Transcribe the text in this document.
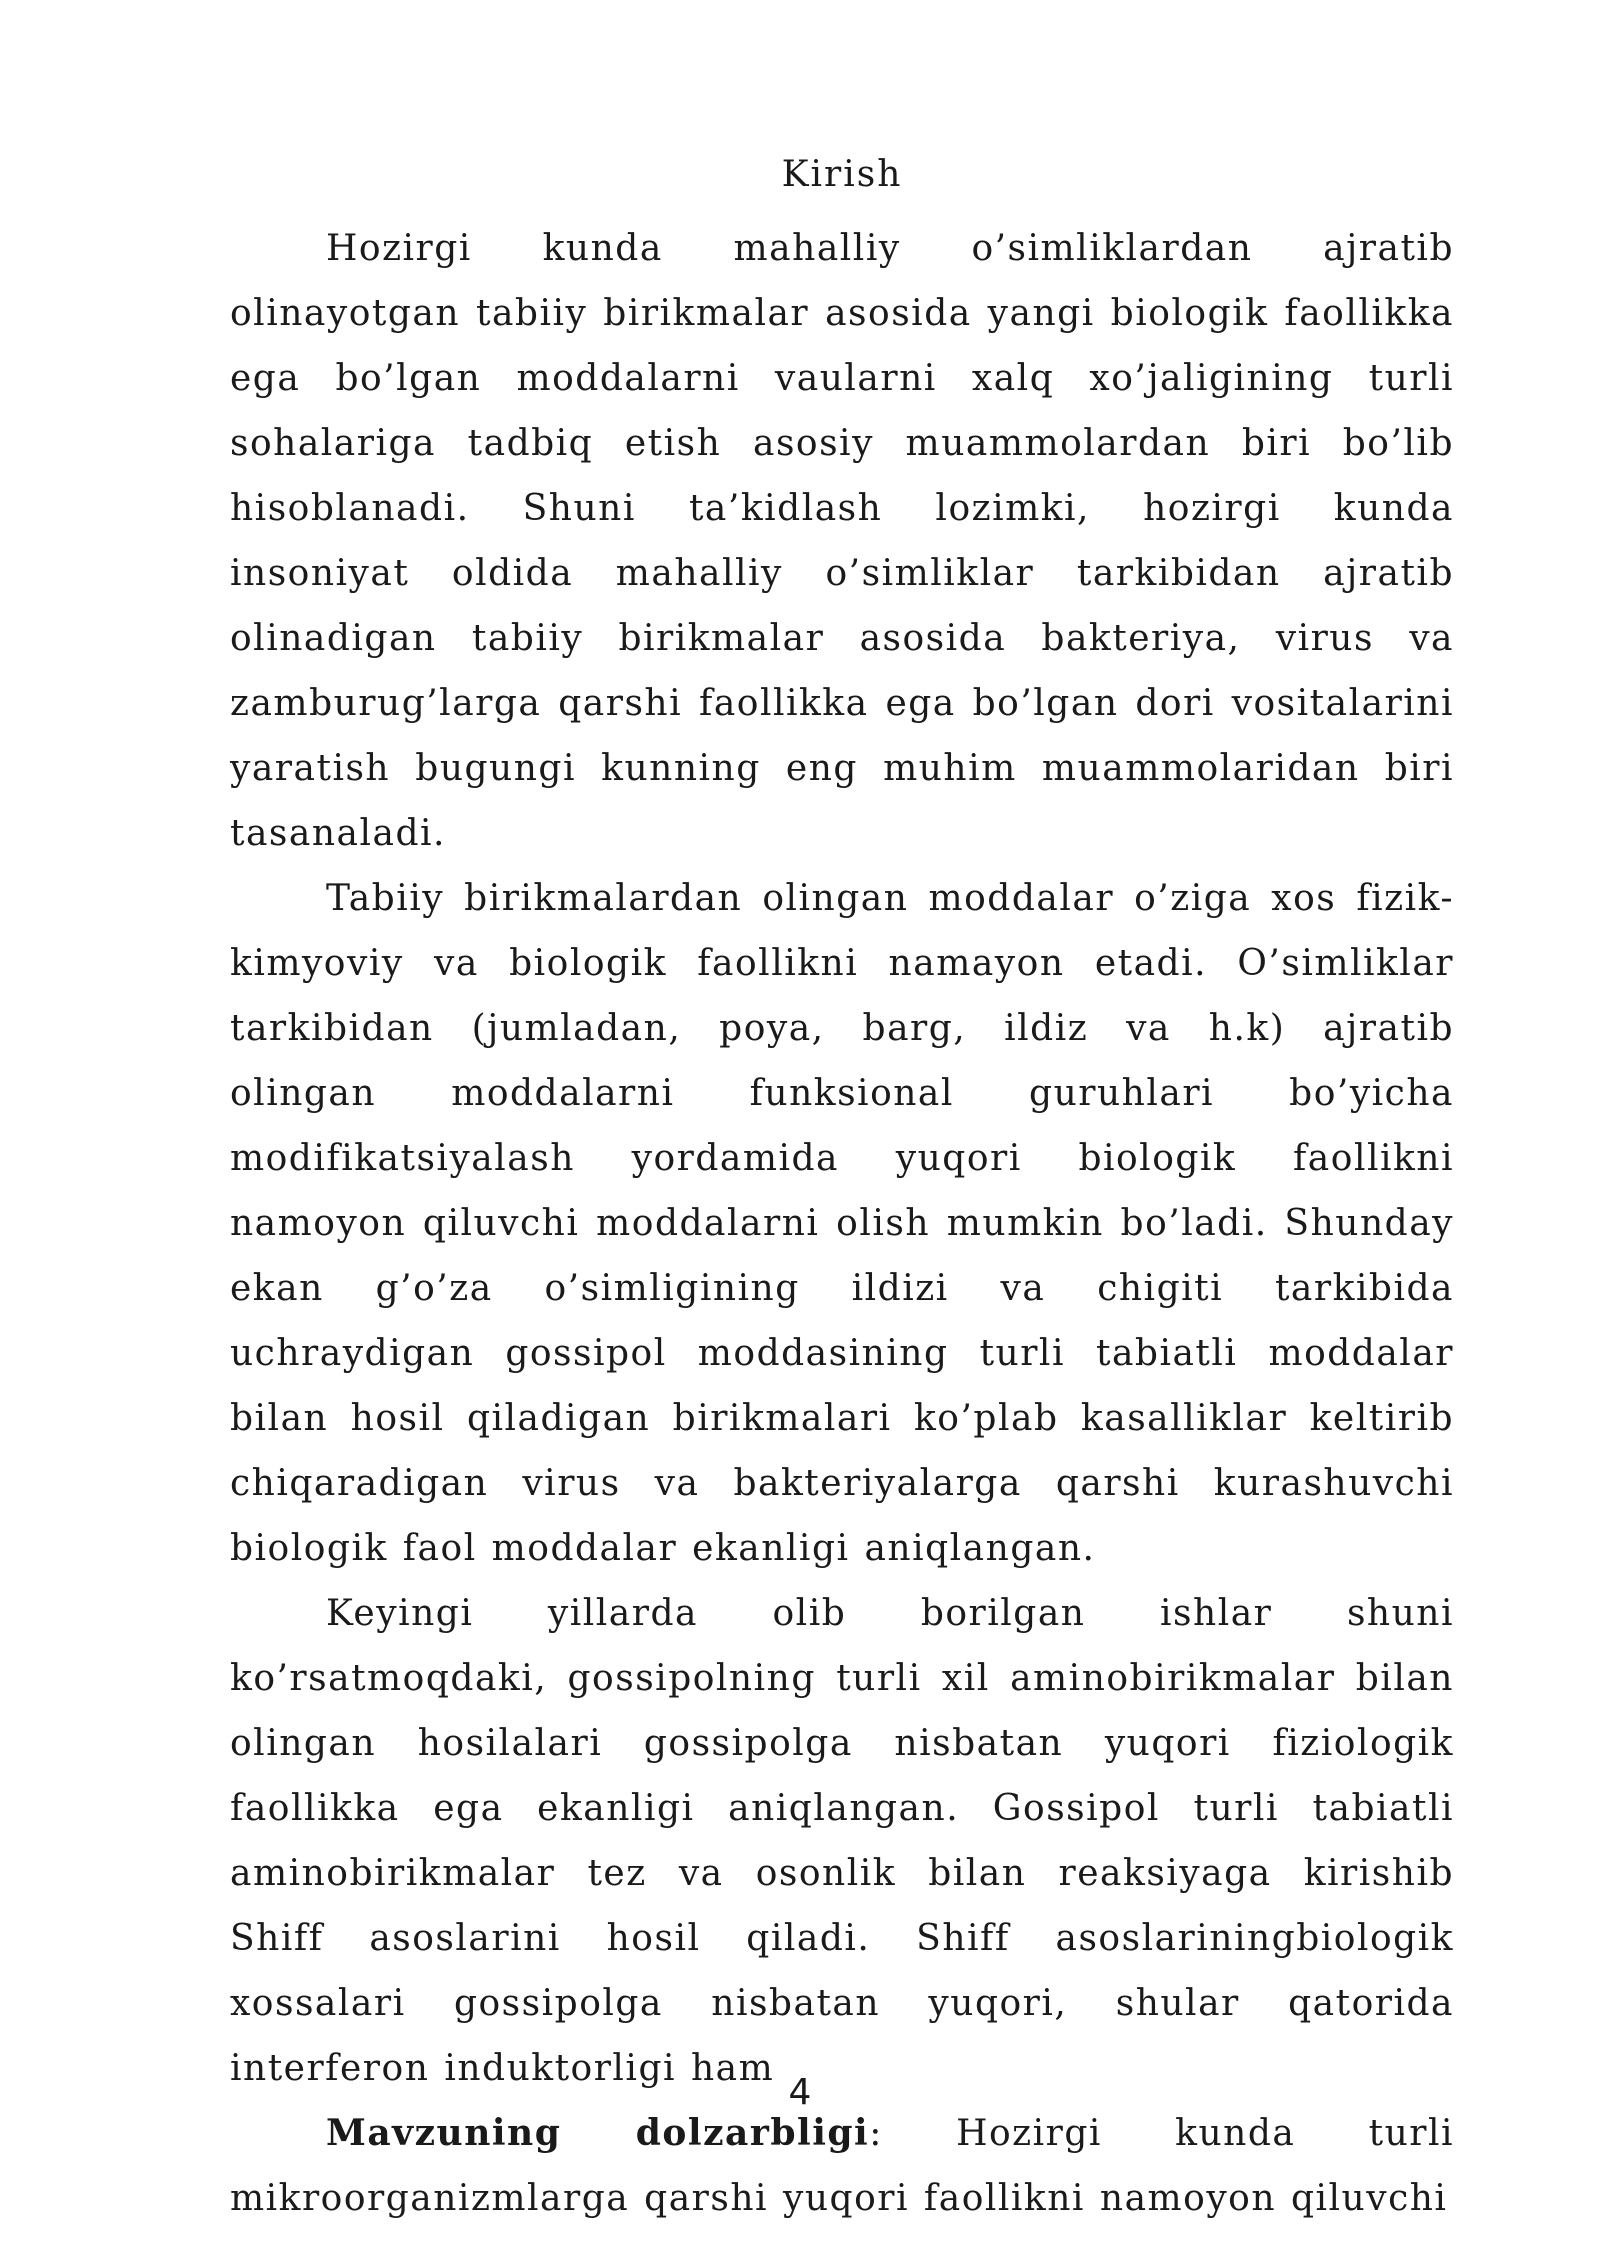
Kirish

Hozirgi kunda mahalliy o’simliklardan ajratib olinayotgan tabiiy birikmalar asosida yangi biologik faollikka ega bo’lgan moddalarni vaularni xalq xo’jaligining turli sohalariga tadbiq etish asosiy muammolardan biri bo’lib hisoblanadi. Shuni ta’kidlash lozimki, hozirgi kunda insoniyat oldida mahalliy o’simliklar tarkibidan ajratib olinadigan tabiiy birikmalar asosida bakteriya, virus va zamburug’larga qarshi faollikka ega bo’lgan dori vositalarini yaratish bugungi kunning eng muhim muammolaridan biri tasanaladi.

Tabiiy birikmalardan olingan moddalar o’ziga xos fizik-kimyoviy va biologik faollikni namayon etadi. O’simliklar tarkibidan (jumladan, poya, barg, ildiz va h.k) ajratib olingan moddalarni funksional guruhlari bo’yicha modifikatsiyalash yordamida yuqori biologik faollikni namoyon qiluvchi moddalarni olish mumkin bo’ladi. Shunday ekan g’o’za o’simligining ildizi va chigiti tarkibida uchraydigan gossipol moddasining turli tabiatli moddalar bilan hosil qiladigan birikmalari ko’plab kasalliklar keltirib chiqaradigan virus va bakteriyalarga qarshi kurashuvchi biologik faol moddalar ekanligi aniqlangan.

Keyingi yillarda olib borilgan ishlar shuni ko’rsatmoqdaki, gossipolning turli xil aminobirikmalar bilan olingan hosilalari gossipolga nisbatan yuqori fiziologik faollikka ega ekanligi aniqlangan. Gossipol turli tabiatli aminobirikmalar tez va osonlik bilan reaksiyaga kirishib Shiff asoslarini hosil qiladi. Shiff asoslariningbiologik xossalari gossipolga nisbatan yuqori, shular qatorida interferon induktorligi ham

Mavzuning dolzarbligi: Hozirgi kunda turli mikroorganizmlarga qarshi yuqori faollikni namoyon qiluvchi

4
